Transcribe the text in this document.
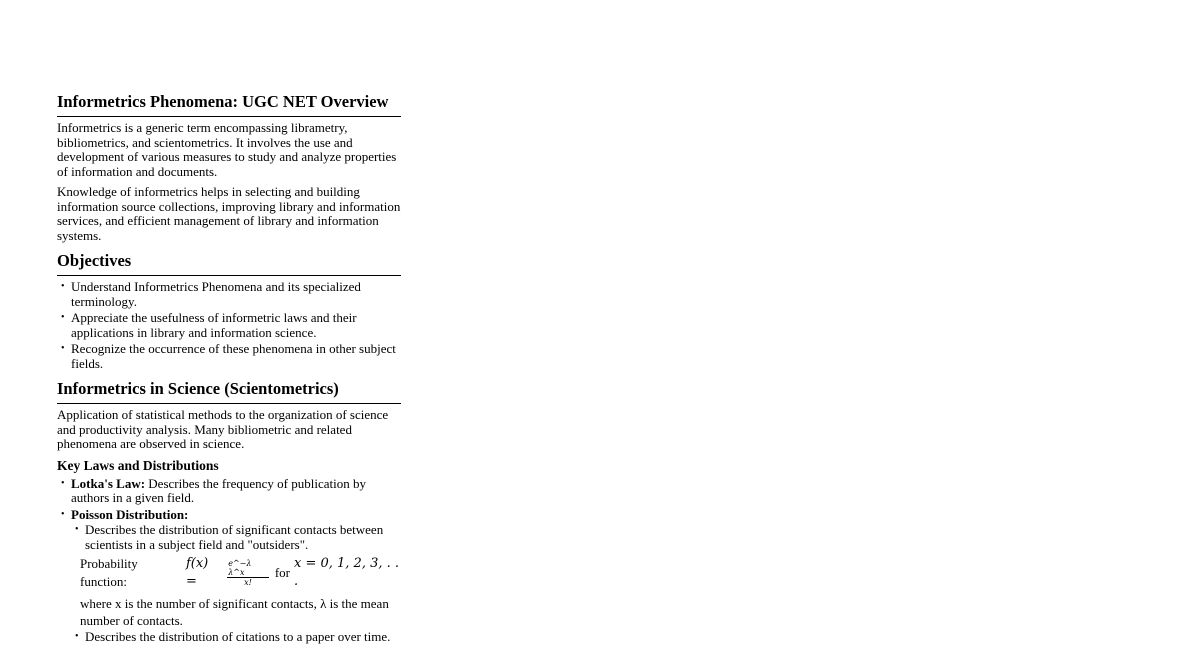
Informetrics Phenomena: UGC NET Overview

Informetrics is a generic term encompassing librametry, bibliometrics, and scientometrics. It involves the use and development of various measures to study and analyze properties of information and documents.

Knowledge of informetrics helps in selecting and building information source collections, improving library and information services, and efficient management of library and information systems.

Objectives
• Understand Informetrics Phenomena and its specialized terminology.
• Appreciate the usefulness of informetric laws and their applications in library and information science.
• Recognize the occurrence of these phenomena in other subject fields.
Informetrics in Science (Scientometrics)

Application of statistical methods to the organization of science and productivity analysis. Many bibliometric and related phenomena are observed in science.

Key Laws and Distributions
• Lotka's Law: Describes the frequency of publication by authors in a given field.
• Poisson Distribution:
• Describes the distribution of significant contacts between scientists in a subject field and "outsiders".
Probability function:
f(x) =	$\frac{\text{e\textasciicircum{}−λ λ\textasciicircum{}x}}{x!}$ for
x = 0, 1, 2, 3, . . .
where x is the number of significant contacts, λ is the mean number of contacts.
• Describes the distribution of citations to a paper over time.
